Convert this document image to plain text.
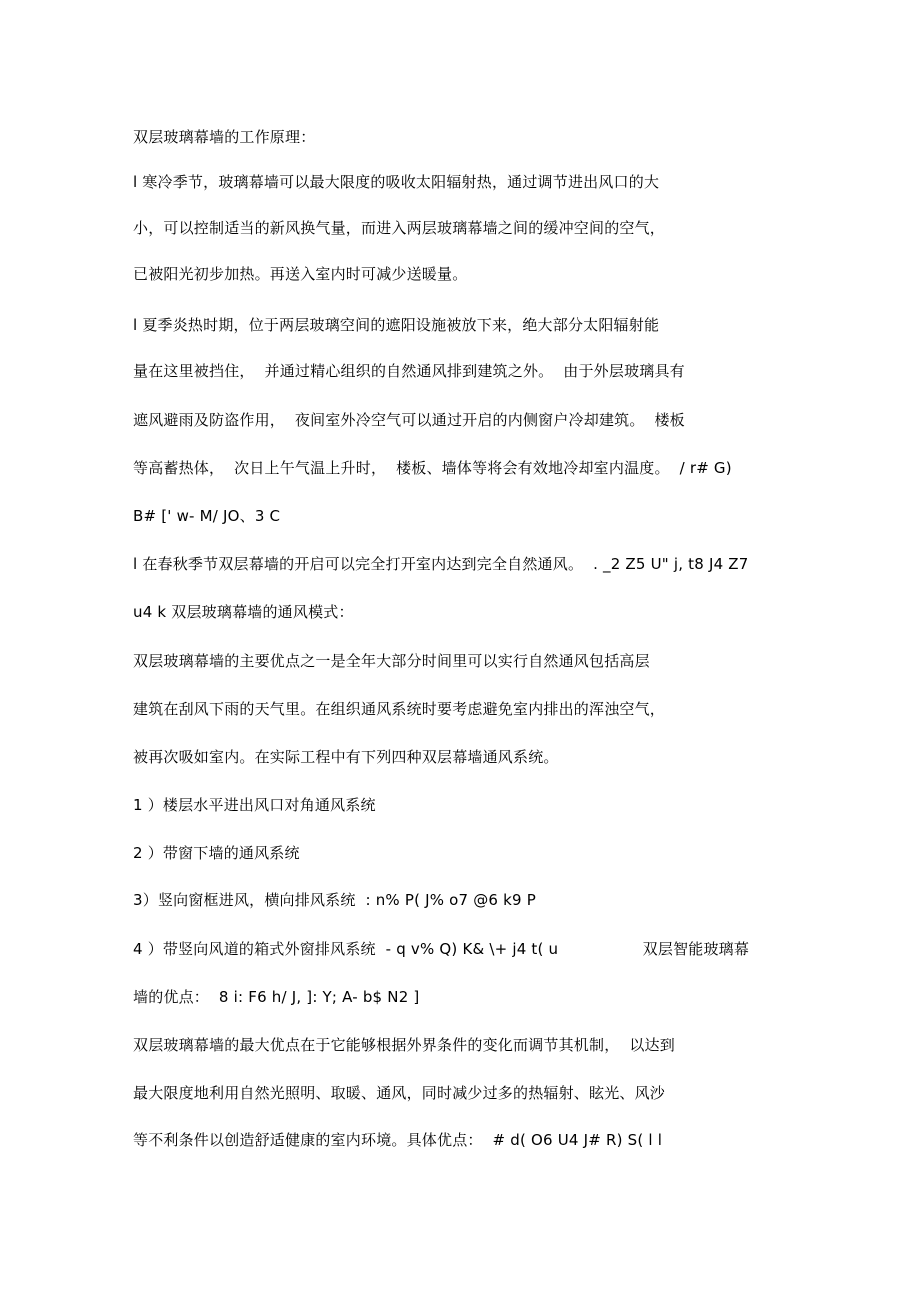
双层玻璃幕墙的工作原理：
l 寒冷季节，玻璃幕墙可以最大限度的吸收太阳辐射热，通过调节进出风口的大
小，可以控制适当的新风换气量，而进入两层玻璃幕墙之间的缓冲空间的空气，
已被阳光初步加热。再送入室内时可减少送暖量。
l 夏季炎热时期，位于两层玻璃空间的遮阳设施被放下来，绝大部分太阳辐射能
量在这里被挡住，  并通过精心组织的自然通风排到建筑之外。  由于外层玻璃具有
遮风避雨及防盗作用，  夜间室外冷空气可以通过开启的内侧窗户冷却建筑。  楼板
等高蓄热体，  次日上午气温上升时，  楼板、墙体等将会有效地冷却室内温度。  / r# G)
B# [' w- M/ JO、3 C
l 在春秋季节双层幕墙的开启可以完全打开室内达到完全自然通风。  . _2 Z5 U" j, t8 J4 Z7
u4 k 双层玻璃幕墙的通风模式：
双层玻璃幕墙的主要优点之一是全年大部分时间里可以实行自然通风包括高层
建筑在刮风下雨的天气里。在组织通风系统时要考虑避免室内排出的浑浊空气，
被再次吸如室内。在实际工程中有下列四种双层幕墙通风系统。
1 ）楼层水平进出风口对角通风系统
2 ）带窗下墙的通风系统
3）竖向窗框进风，横向排风系统  : n% P( J% o7 @6 k9 P
4 ）带竖向风道的箱式外窗排风系统  - q v% Q) K& \+ j4 t( u                 双层智能玻璃幕
墙的优点：  8 i: F6 h/ J, ]: Y; A- b$ N2 ]
双层玻璃幕墙的最大优点在于它能够根据外界条件的变化而调节其机制，  以达到
最大限度地利用自然光照明、取暖、通风，同时减少过多的热辐射、眩光、风沙
等不利条件以创造舒适健康的室内环境。具体优点：  # d( O6 U4 J# R) S( l l
